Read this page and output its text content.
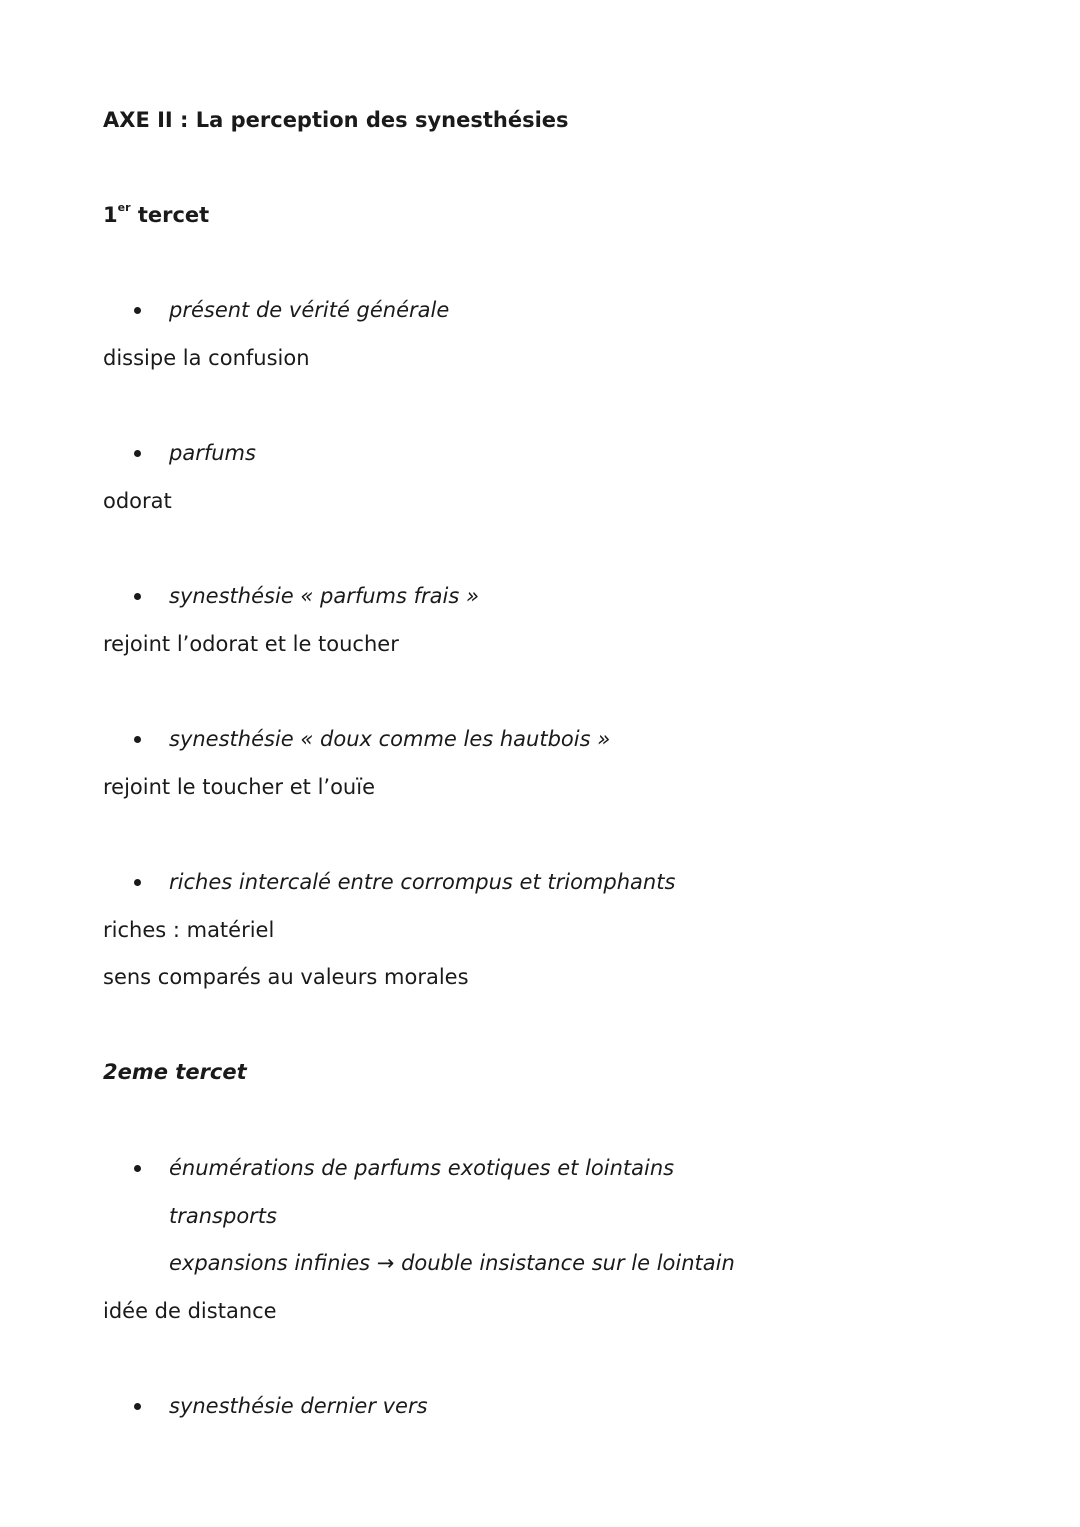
AXE II : La perception des synesthésies
1er tercet
présent de vérité générale
dissipe la confusion
parfums
odorat
synesthésie « parfums frais »
rejoint l’odorat et le toucher
synesthésie « doux comme les hautbois »
rejoint le toucher et l’ouïe
riches intercalé entre corrompus et triomphants
riches : matériel
sens comparés au valeurs morales
2eme tercet
énumérations de parfums exotiques et lointains
transports
expansions infinies → double insistance sur le lointain
idée de distance
synesthésie dernier vers
